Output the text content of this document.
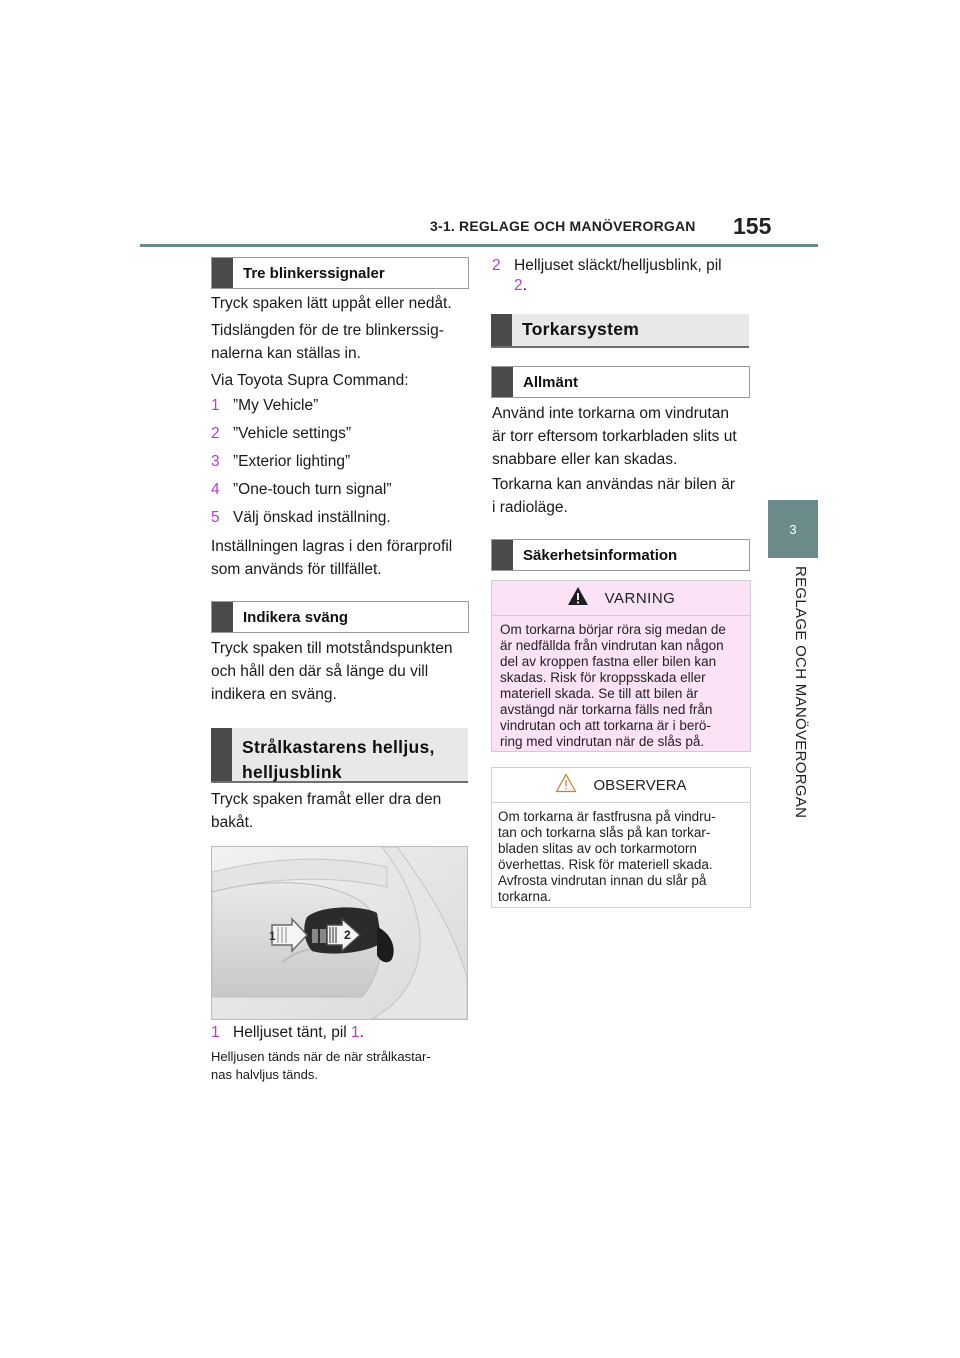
3-1. REGLAGE OCH MANÖVERORGAN 155
3
REGLAGE OCH MANÖVERORGAN
Tre blinkerssignaler
Tryck spaken lätt uppåt eller nedåt.
Tidslängden för de tre blinkerssig-
nalerna kan ställas in.
Via Toyota Supra Command:
1 ”My Vehicle”
2 ”Vehicle settings”
3 ”Exterior lighting”
4 ”One-touch turn signal”
5 Välj önskad inställning.
Inställningen lagras i den förarprofil
som används för tillfället.
Indikera sväng
Tryck spaken till motståndspunkten
och håll den där så länge du vill
indikera en sväng.
Strålkastarens helljus,
helljusblink
Tryck spaken framåt eller dra den
bakåt.
1	2
1 Helljuset tänt, pil 1.
Helljusen tänds när de när strålkastar-
nas halvljus tänds.
2 Helljuset släckt/helljusblink, pil
2.
Torkarsystem
Allmänt
Använd inte torkarna om vindrutan
är torr eftersom torkarbladen slits ut
snabbare eller kan skadas.
Torkarna kan användas när bilen är
i radioläge.
Säkerhetsinformation
VARNING
Om torkarna börjar röra sig medan de
är nedfällda från vindrutan kan någon
del av kroppen fastna eller bilen kan
skadas. Risk för kroppsskada eller
materiell skada. Se till att bilen är
avstängd när torkarna fälls ned från
vindrutan och att torkarna är i berö-
ring med vindrutan när de slås på.
OBSERVERA
Om torkarna är fastfrusna på vindru-
tan och torkarna slås på kan torkar-
bladen slitas av och torkarmotorn
överhettas. Risk för materiell skada.
Avfrosta vindrutan innan du slår på
torkarna.
